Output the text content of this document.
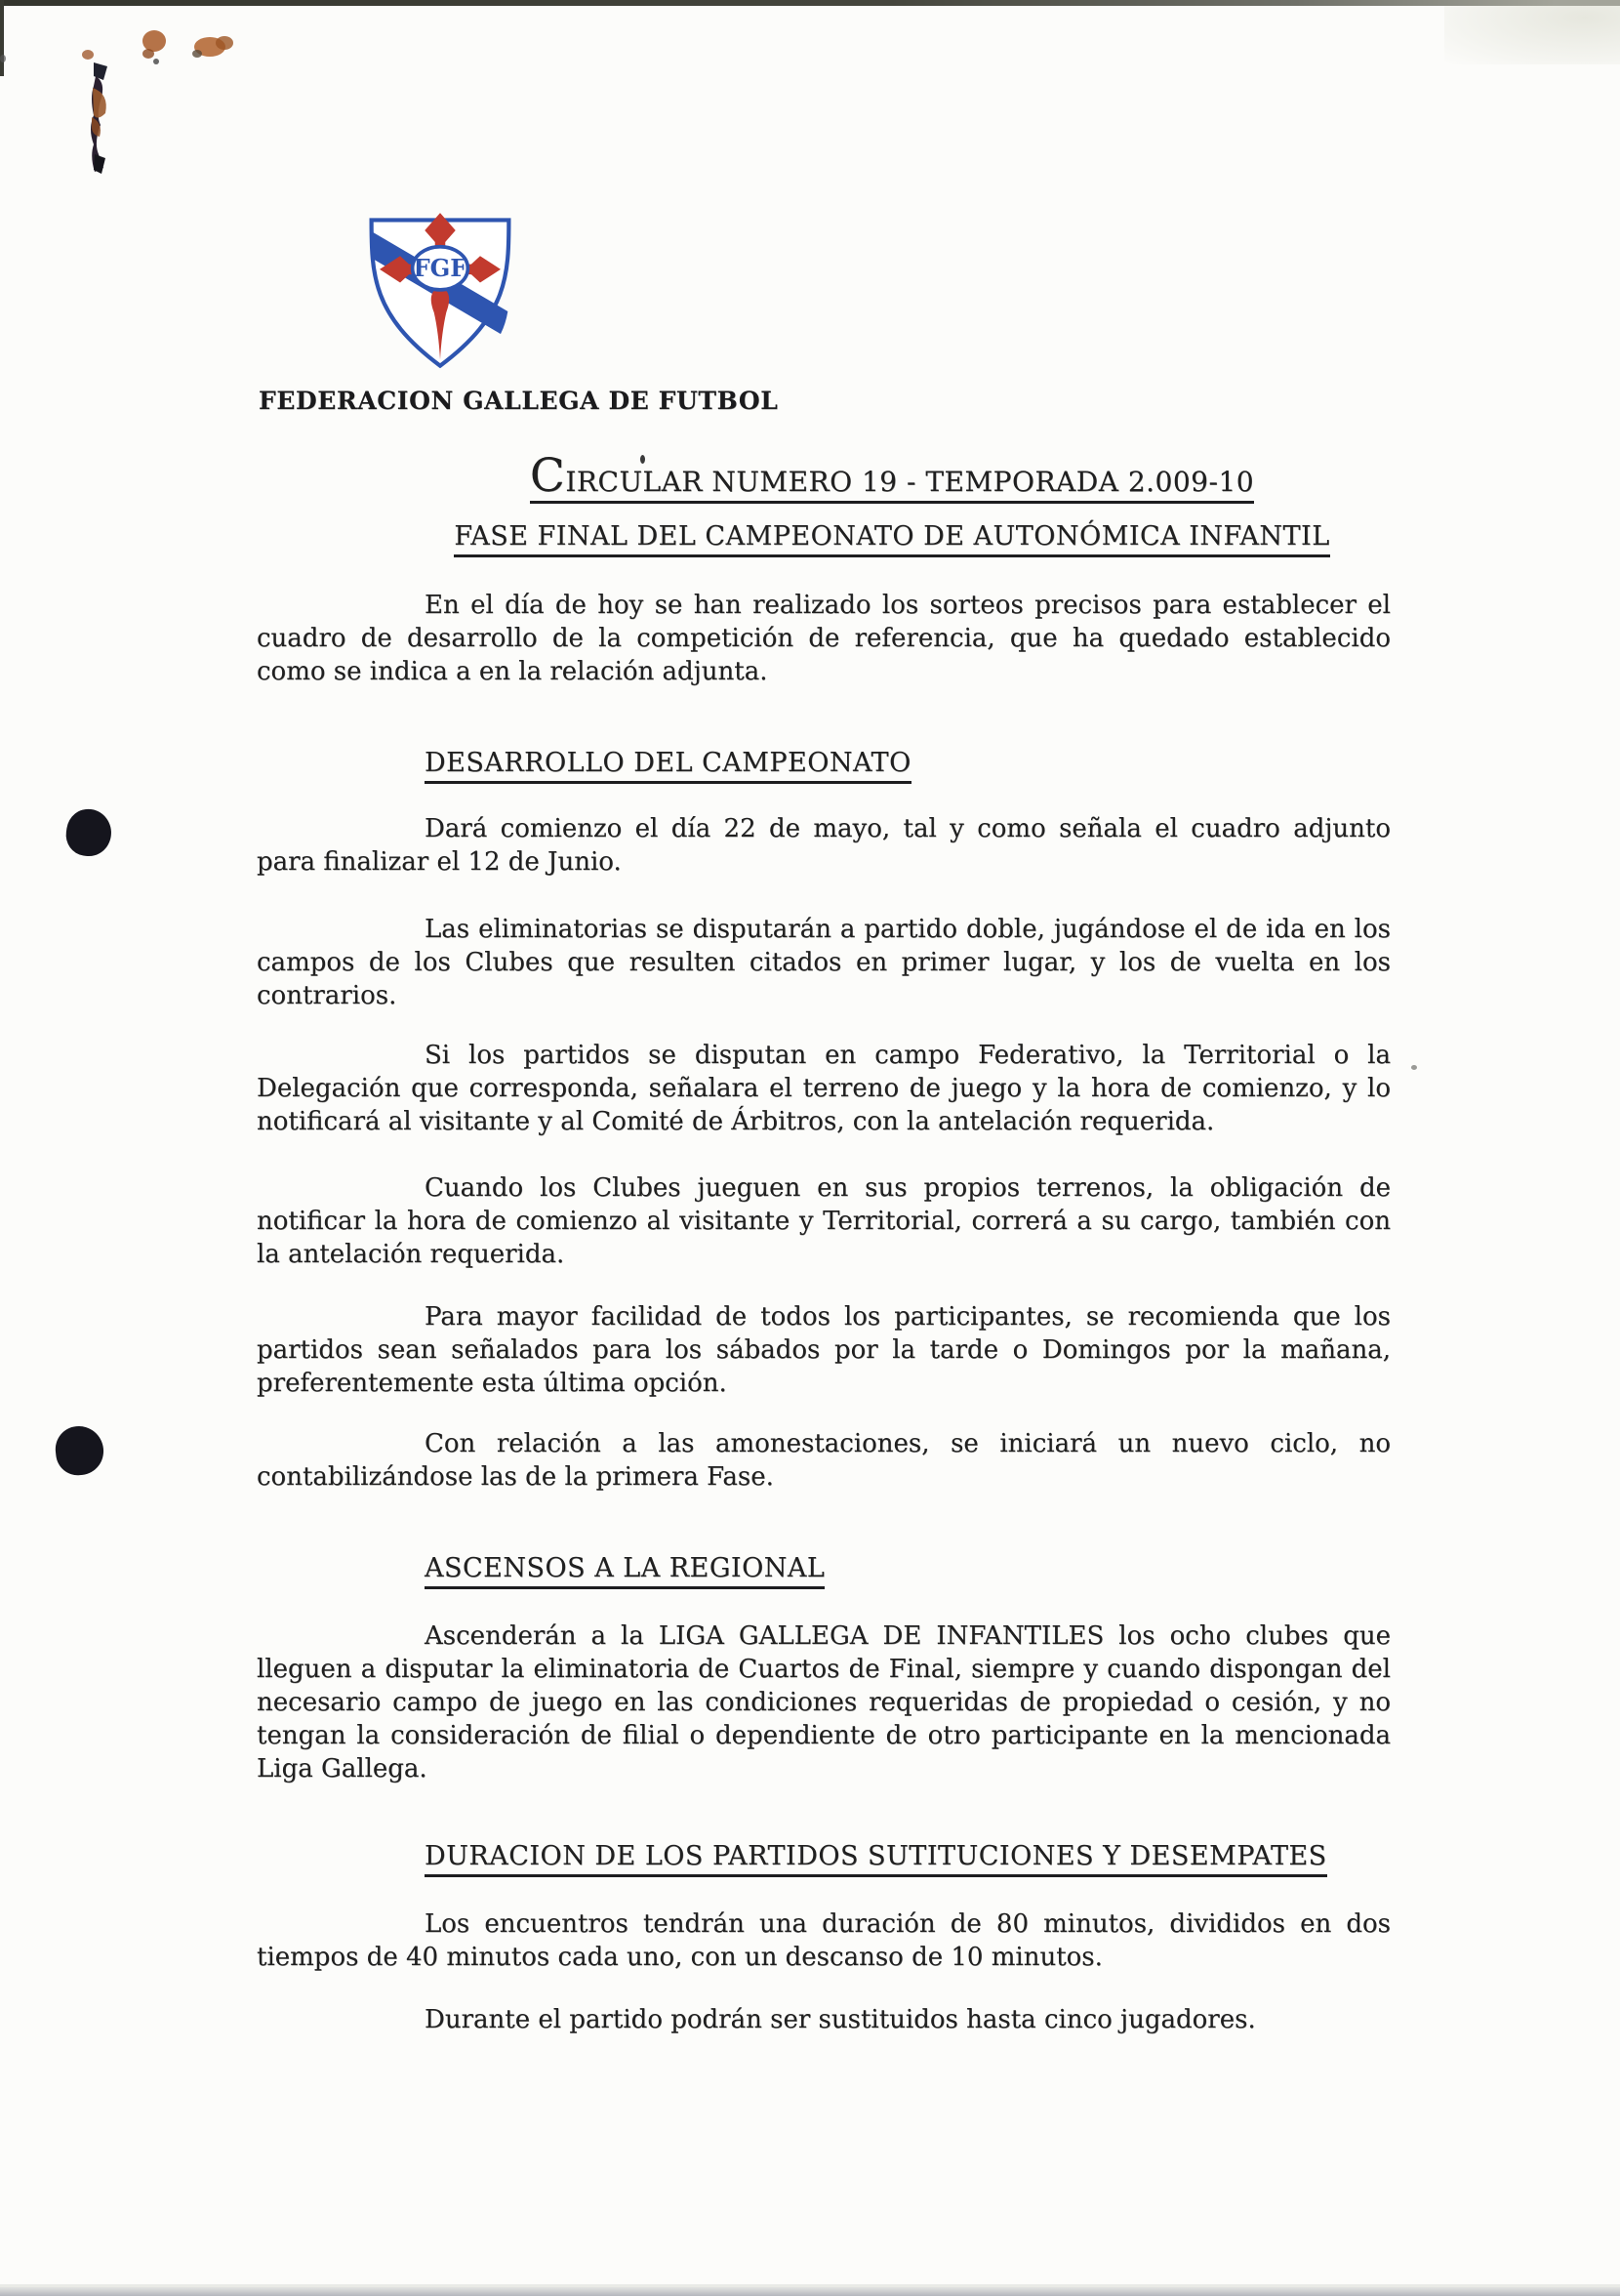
FGF
FEDERACION GALLEGA DE FUTBOL
CIRCULAR NUMERO 19 - TEMPORADA 2.009-10
FASE FINAL DEL CAMPEONATO DE AUTONÓMICA INFANTIL
En el día de hoy se han realizado los sorteos precisos para establecer el cuadro de desarrollo de la competición de referencia, que ha quedado establecido como se indica a en la relación adjunta.
DESARROLLO DEL CAMPEONATO
Dará comienzo el día 22 de mayo, tal y como señala el cuadro adjunto para finalizar el 12 de Junio.
Las eliminatorias se disputarán a partido doble, jugándose el de ida en los campos de los Clubes que resulten citados en primer lugar, y los de vuelta en los contrarios.
Si los partidos se disputan en campo Federativo, la Territorial o la Delegación que corresponda, señalara el terreno de juego y la hora de comienzo, y lo notificará al visitante y al Comité de Árbitros, con la antelación requerida.
Cuando los Clubes jueguen en sus propios terrenos, la obligación de notificar la hora de comienzo al visitante y Territorial, correrá a su cargo, también con la antelación requerida.
Para mayor facilidad de todos los participantes, se recomienda que los partidos sean señalados para los sábados por la tarde o Domingos por la mañana, preferentemente esta última opción.
Con relación a las amonestaciones, se iniciará un nuevo ciclo, no contabilizándose las de la primera Fase.
ASCENSOS A LA REGIONAL
Ascenderán a la LIGA GALLEGA DE INFANTILES los ocho clubes que lleguen a disputar la eliminatoria de Cuartos de Final, siempre y cuando dispongan del necesario campo de juego en las condiciones requeridas de propiedad o cesión, y no tengan la consideración de filial o dependiente de otro participante en la mencionada Liga Gallega.
DURACION DE LOS PARTIDOS SUTITUCIONES Y DESEMPATES
Los encuentros tendrán una duración de 80 minutos, divididos en dos tiempos de 40 minutos cada uno, con un descanso de 10 minutos.
Durante el partido podrán ser sustituidos hasta cinco jugadores.
